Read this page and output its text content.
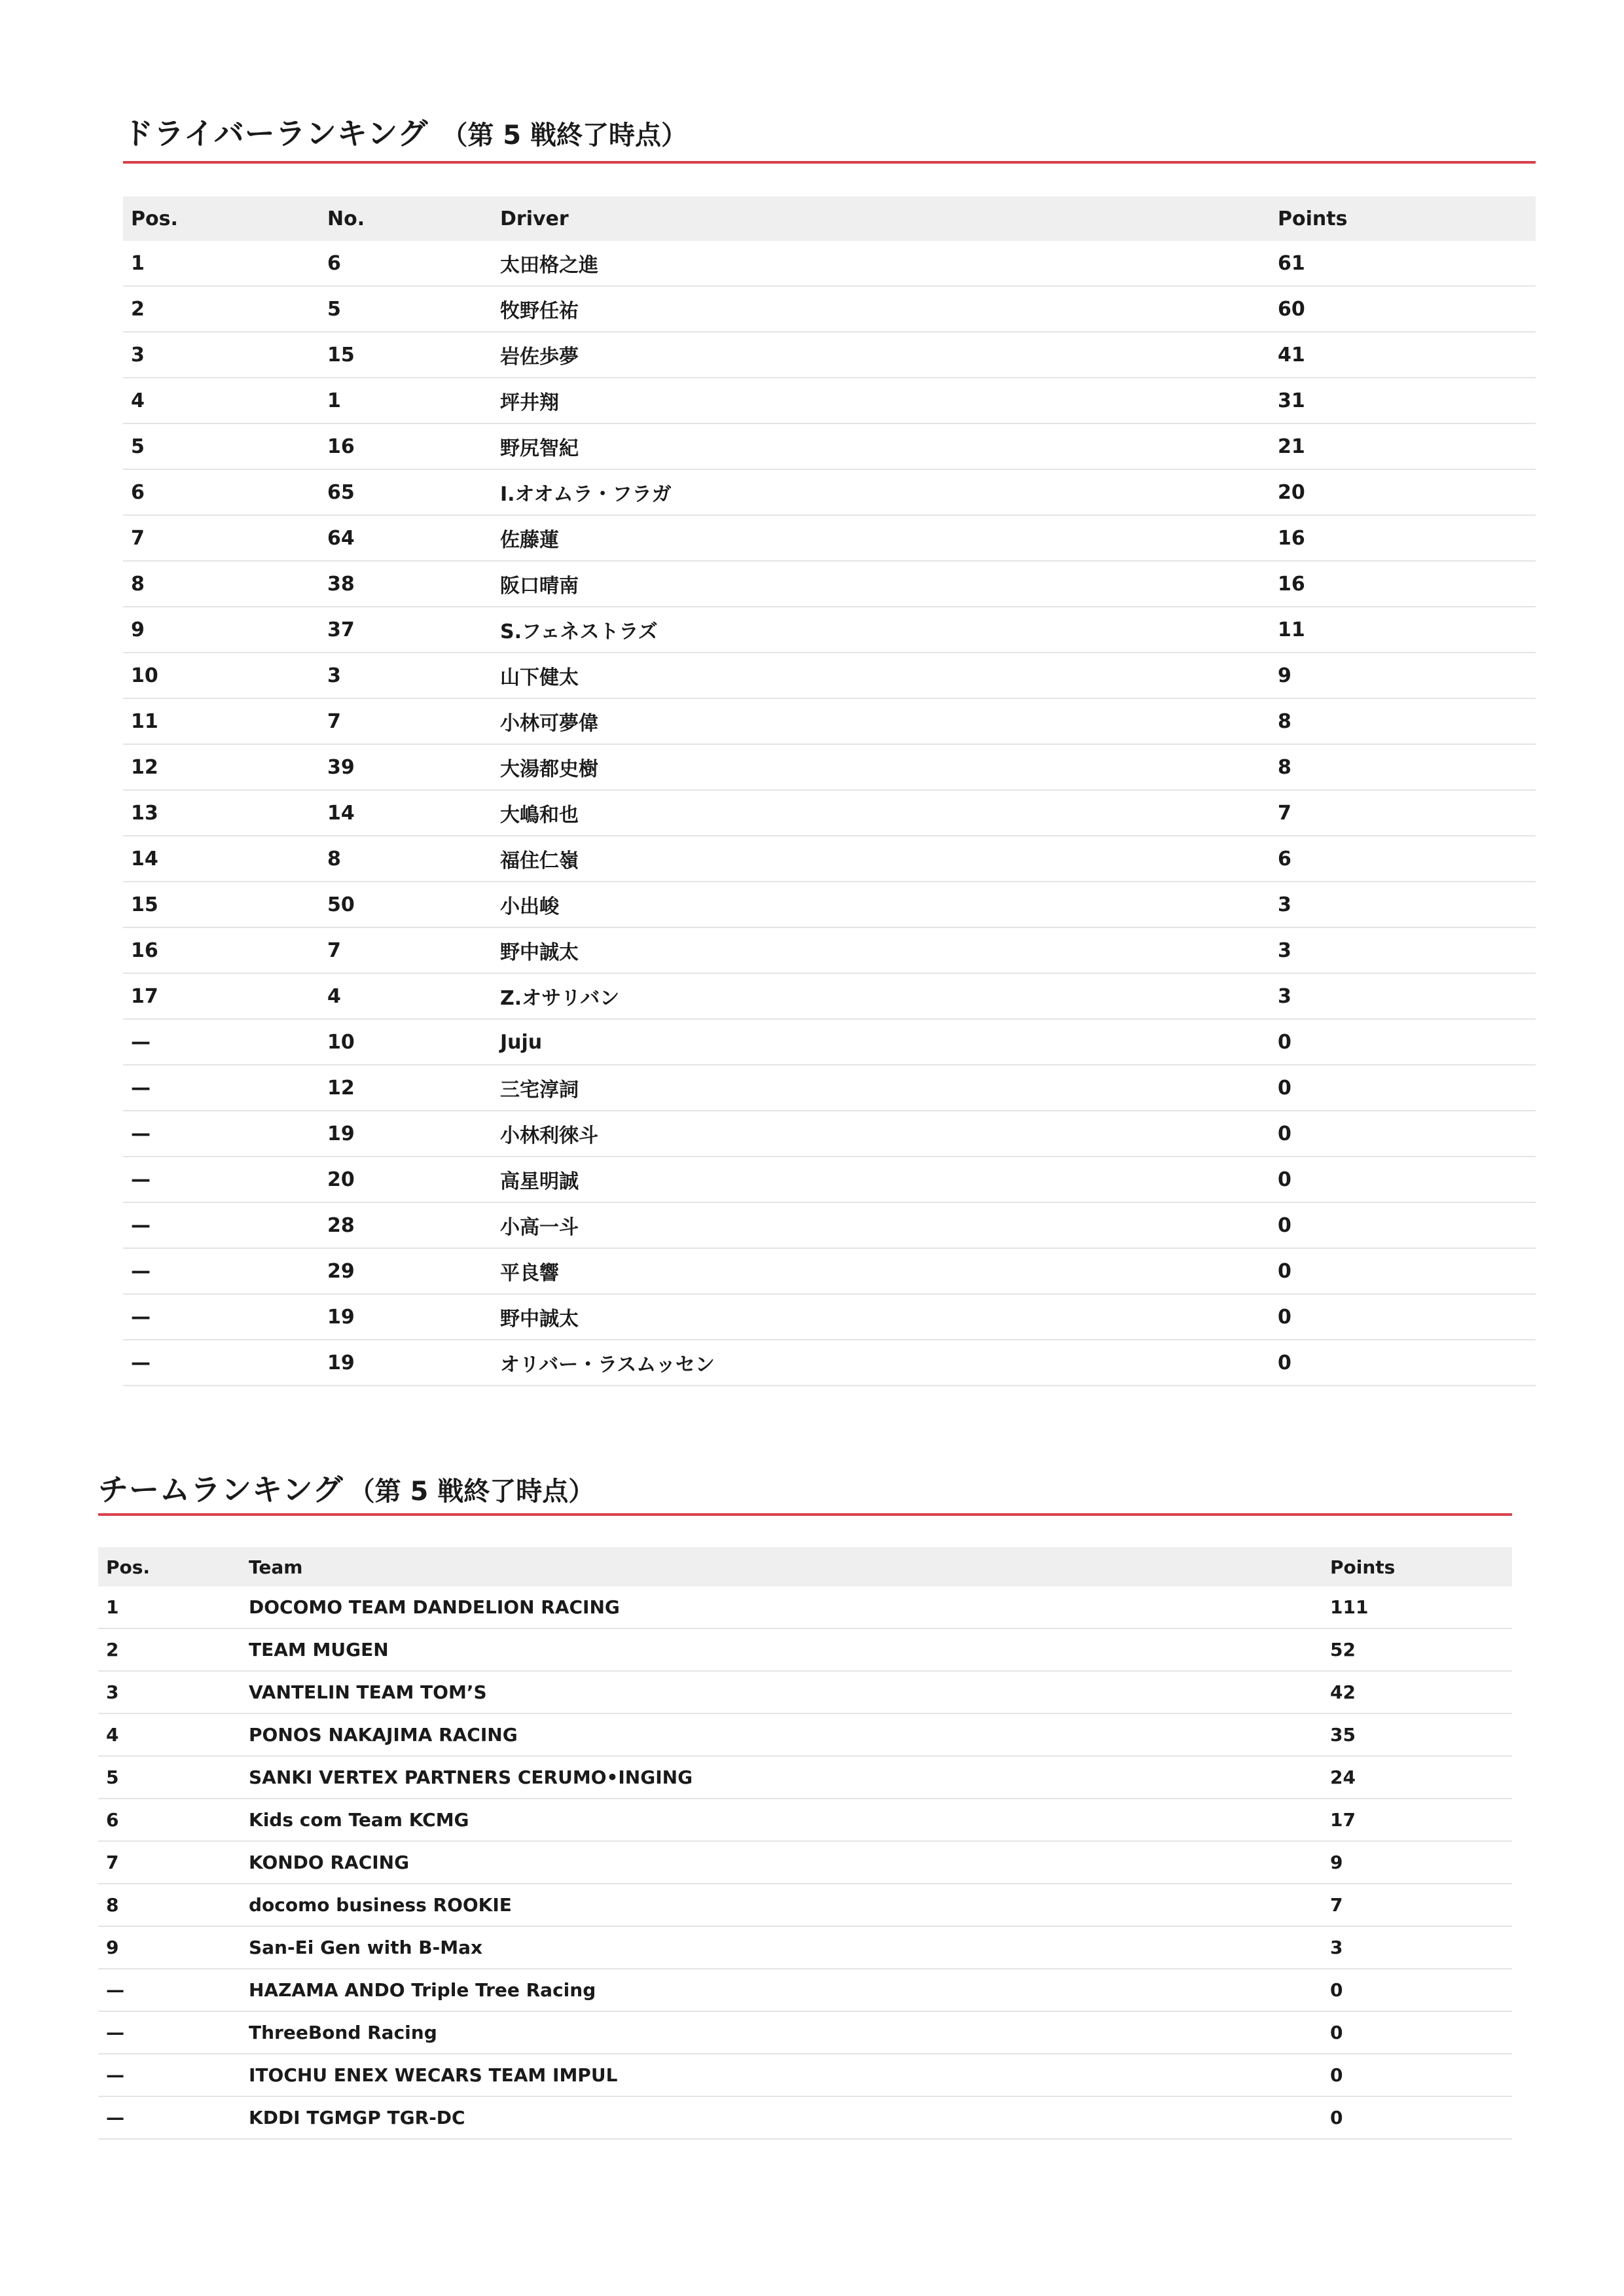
ドライバーランキング （第 5 戦終了時点）
Pos.	No.	Driver	Points
1	6	太田格之進	61
2	5	牧野任祐	60
3	15	岩佐歩夢	41
4	1	坪井翔	31
5	16	野尻智紀	21
6	65	I.オオムラ・フラガ	20
7	64	佐藤蓮	16
8	38	阪口晴南	16
9	37	S.フェネストラズ	11
10	3	山下健太	9
11	7	小林可夢偉	8
12	39	大湯都史樹	8
13	14	大嶋和也	7
14	8	福住仁嶺	6
15	50	小出峻	3
16	7	野中誠太	3
17	4	Z.オサリバン	3
—	10	Juju	0
—	12	三宅淳詞	0
—	19	小林利徠斗	0
—	20	高星明誠	0
—	28	小高一斗	0
—	29	平良響	0
—	19	野中誠太	0
—	19	オリバー・ラスムッセン	0
チームランキング （第 5 戦終了時点）
Pos.	Team	Points
1	DOCOMO TEAM DANDELION RACING	111
2	TEAM MUGEN	52
3	VANTELIN TEAM TOM’S	42
4	PONOS NAKAJIMA RACING	35
5	SANKI VERTEX PARTNERS CERUMO•INGING	24
6	Kids com Team KCMG	17
7	KONDO RACING	9
8	docomo business ROOKIE	7
9	San-Ei Gen with B-Max	3
—	HAZAMA ANDO Triple Tree Racing	0
—	ThreeBond Racing	0
—	ITOCHU ENEX WECARS TEAM IMPUL	0
—	KDDI TGMGP TGR-DC	0
